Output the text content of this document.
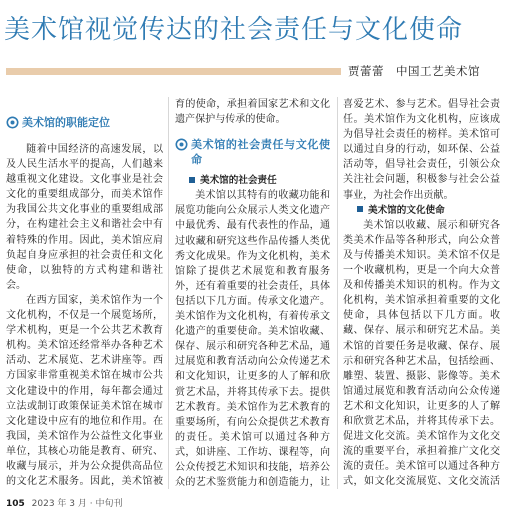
美术馆视觉传达的社会责任与文化使命
贾蕾蕾　中国工艺美术馆
美术馆的职能定位

随着中国经济的高速发展，以及人民生活水平的提高，人们越来越重视文化建设。文化事业是社会文化的重要组成部分，而美术馆作为我国公共文化事业的重要组成部分，在构建社会主义和谐社会中有着特殊的作用。因此，美术馆应肩负起自身应承担的社会责任和文化使命，以独特的方式构建和谐社会。

在西方国家，美术馆作为一个文化机构，不仅是一个展览场所，学术机构，更是一个公共艺术教育机构。美术馆还经常举办各种艺术活动、艺术展览、艺术讲座等。西方国家非常重视美术馆在城市公共文化建设中的作用，每年都会通过立法或制订政策保证美术馆在城市文化建设中应有的地位和作用。在我国，美术馆作为公益性文化事业单位，其核心功能是教育、研究、收藏与展示，并为公众提供高品位的文化艺术服务。因此，美术馆被

育的使命，承担着国家艺术和文化遗产保护与传承的使命。

美术馆的社会责任与文化使命
美术馆的社会责任

美术馆以其特有的收藏功能和展览功能向公众展示人类文化遗产中最优秀、最有代表性的作品，通过收藏和研究这些作品传播人类优秀文化成果。作为文化机构，美术馆除了提供艺术展览和教育服务外，还有着重要的社会责任，具体包括以下几方面。传承文化遗产。美术馆作为文化机构，有着传承文化遗产的重要使命。美术馆收藏、保存、展示和研究各种艺术品，通过展览和教育活动向公众传递艺术和文化知识，让更多的人了解和欣赏艺术品，并将其传承下去。提供艺术教育。美术馆作为艺术教育的重要场所，有向公众提供艺术教育的责任。美术馆可以通过各种方式，如讲座、工作坊、课程等，向公众传授艺术知识和技能，培养公众的艺术鉴赏能力和创造能力，让

喜爱艺术、参与艺术。倡导社会责任。美术馆作为文化机构，应该成为倡导社会责任的榜样。美术馆可以通过自身的行动，如环保、公益活动等，倡导社会责任，引领公众关注社会问题，积极参与社会公益事业，为社会作出贡献。

美术馆的文化使命

美术馆以收藏、展示和研究各类美术作品等各种形式，向公众普及与传播美术知识。美术馆不仅是一个收藏机构，更是一个向大众普及和传播美术知识的机构。作为文化机构，美术馆承担着重要的文化使命，具体包括以下几方面。收藏、保存、展示和研究艺术品。美术馆的首要任务是收藏、保存、展示和研究各种艺术品，包括绘画、雕塑、装置、摄影、影像等。美术馆通过展览和教育活动向公众传递艺术和文化知识，让更多的人了解和欣赏艺术品，并将其传承下去。促进文化交流。美术馆作为文化交流的重要平台，承担着推广文化交流的责任。美术馆可以通过各种方式，如文化交流展览、文化交流活

105 2023 年 3 月 · 中旬刊
